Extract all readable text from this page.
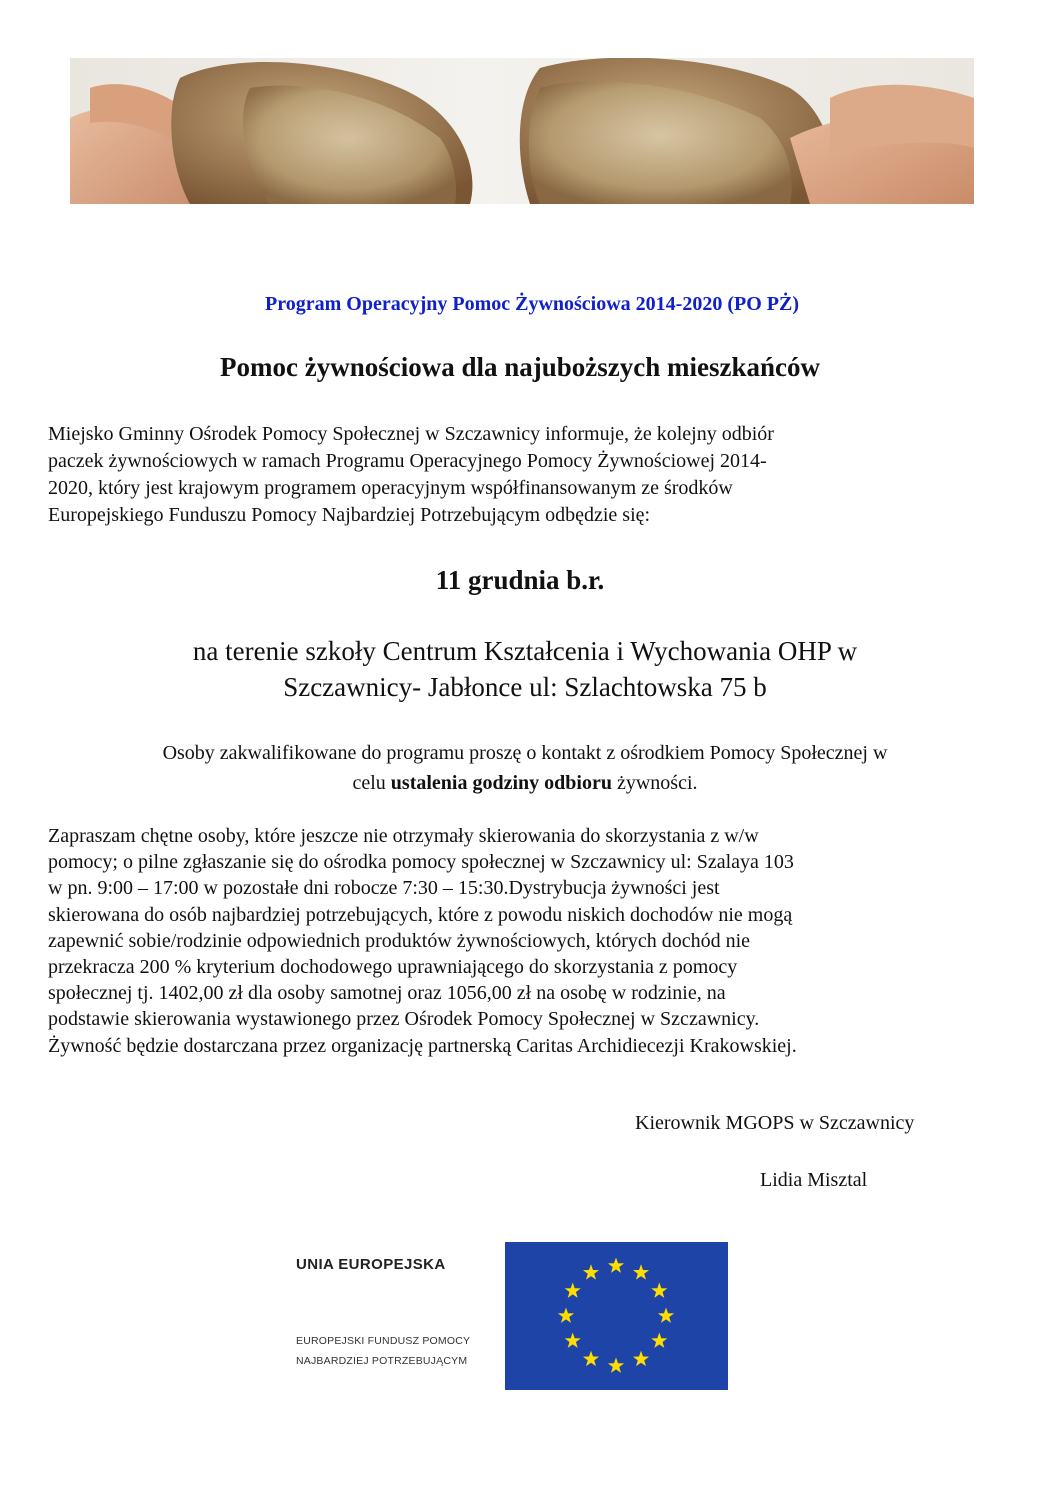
Program Operacyjny Pomoc Żywnościowa 2014-2020 (PO PŻ)
Pomoc żywnościowa dla najuboższych mieszkańców

Miejsko Gminny Ośrodek Pomocy Społecznej w Szczawnicy informuje, że kolejny odbiór

paczek żywnościowych w ramach Programu Operacyjnego Pomocy Żywnościowej 2014-

2020, który jest krajowym programem operacyjnym współfinansowanym ze środków

Europejskiego Funduszu Pomocy Najbardziej Potrzebującym odbędzie się:

11 grudnia b.r.

na terenie szkoły Centrum Kształcenia i Wychowania OHP w

Szczawnicy- Jabłonce ul: Szlachtowska 75 b

Osoby zakwalifikowane do programu proszę o kontakt z ośrodkiem Pomocy Społecznej w

celu ustalenia godziny odbioru żywności.

Zapraszam chętne osoby, które jeszcze nie otrzymały skierowania do skorzystania z w/w

pomocy; o pilne zgłaszanie się do ośrodka pomocy społecznej w Szczawnicy ul: Szalaya 103

w pn. 9:00 – 17:00 w pozostałe dni robocze 7:30 – 15:30.Dystrybucja żywności jest

skierowana do osób najbardziej potrzebujących, które z powodu niskich dochodów nie mogą

zapewnić sobie/rodzinie odpowiednich produktów żywnościowych, których dochód nie

przekracza 200 % kryterium dochodowego uprawniającego do skorzystania z pomocy

społecznej tj. 1402,00 zł dla osoby samotnej oraz 1056,00 zł na osobę w rodzinie, na

podstawie skierowania wystawionego przez Ośrodek Pomocy Społecznej w Szczawnicy.

Żywność będzie dostarczana przez organizację partnerską Caritas Archidiecezji Krakowskiej.

Kierownik MGOPS w Szczawnicy
Lidia Misztal
UNIA EUROPEJSKA

EUROPEJSKI FUNDUSZ POMOCY

NAJBARDZIEJ POTRZEBUJĄCYM
